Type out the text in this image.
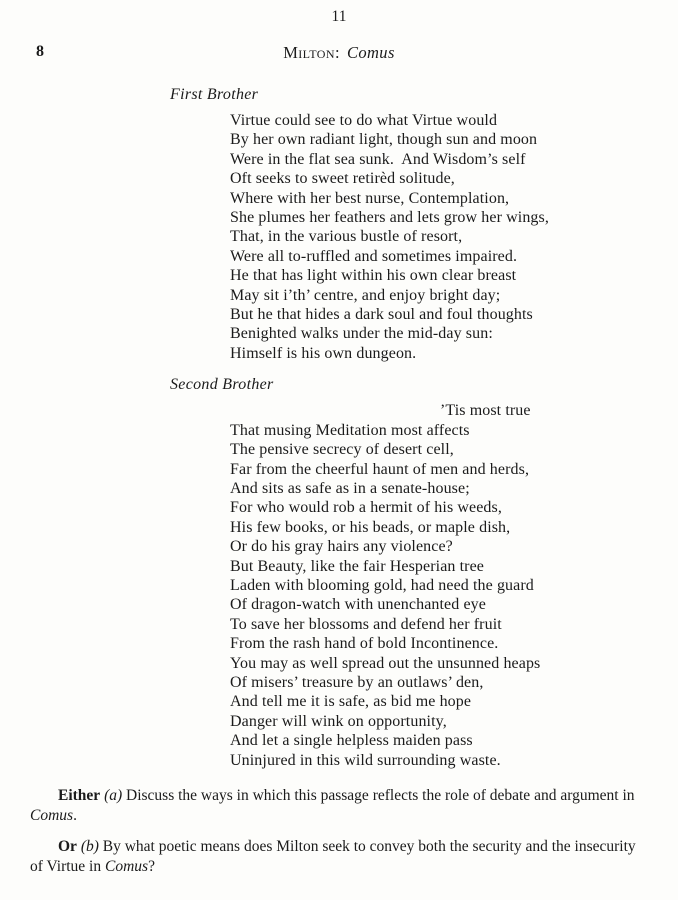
11
8	Milton: Comus
First Brother
Virtue could see to do what Virtue would
By her own radiant light, though sun and moon
Were in the flat sea sunk.  And Wisdom’s self
Oft seeks to sweet retirèd solitude,
Where with her best nurse, Contemplation,
She plumes her feathers and lets grow her wings,
That, in the various bustle of resort,
Were all to-ruffled and sometimes impaired.
He that has light within his own clear breast
May sit i’th’ centre, and enjoy bright day;
But he that hides a dark soul and foul thoughts
Benighted walks under the mid-day sun:
Himself is his own dungeon.
Second Brother
’Tis most true
That musing Meditation most affects
The pensive secrecy of desert cell,
Far from the cheerful haunt of men and herds,
And sits as safe as in a senate-house;
For who would rob a hermit of his weeds,
His few books, or his beads, or maple dish,
Or do his gray hairs any violence?
But Beauty, like the fair Hesperian tree
Laden with blooming gold, had need the guard
Of dragon-watch with unenchanted eye
To save her blossoms and defend her fruit
From the rash hand of bold Incontinence.
You may as well spread out the unsunned heaps
Of misers’ treasure by an outlaws’ den,
And tell me it is safe, as bid me hope
Danger will wink on opportunity,
And let a single helpless maiden pass
Uninjured in this wild surrounding waste.

Either (a) Discuss the ways in which this passage reflects the role of debate and argument in Comus.

Or (b) By what poetic means does Milton seek to convey both the security and the insecurity of Virtue in Comus?
